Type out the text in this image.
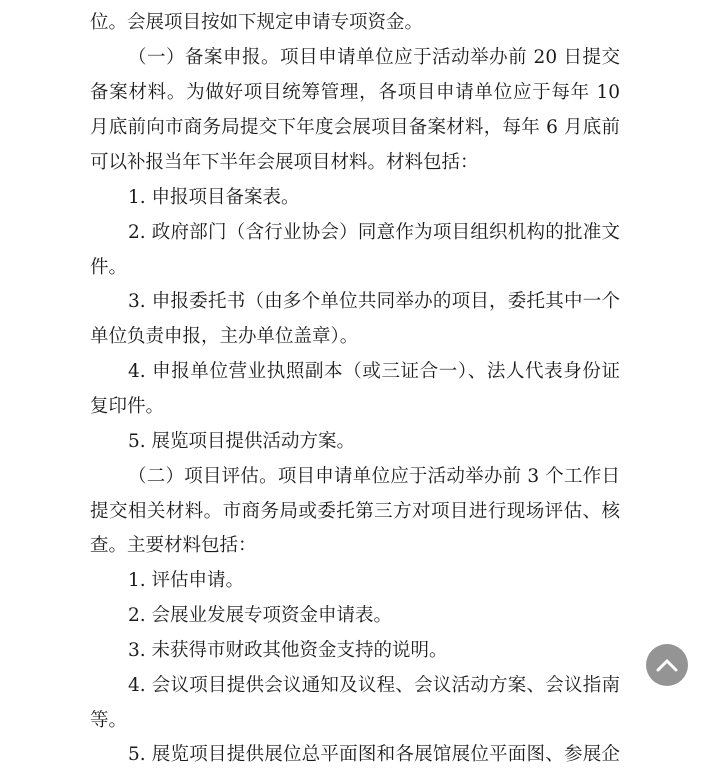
位。会展项目按如下规定申请专项资金。
（一）备案申报。项目申请单位应于活动举办前 20 日提交
备案材料。为做好项目统筹管理，各项目申请单位应于每年 10
月底前向市商务局提交下年度会展项目备案材料，每年 6 月底前
可以补报当年下半年会展项目材料。材料包括：
1. 申报项目备案表。
2. 政府部门（含行业协会）同意作为项目组织机构的批准文
件。
3. 申报委托书（由多个单位共同举办的项目，委托其中一个
单位负责申报，主办单位盖章）。
4. 申报单位营业执照副本（或三证合一）、法人代表身份证
复印件。
5. 展览项目提供活动方案。
（二）项目评估。项目申请单位应于活动举办前 3 个工作日
提交相关材料。市商务局或委托第三方对项目进行现场评估、核
查。主要材料包括：
1. 评估申请。
2. 会展业发展专项资金申请表。
3. 未获得市财政其他资金支持的说明。
4. 会议项目提供会议通知及议程、会议活动方案、会议指南
等。
5. 展览项目提供展位总平面图和各展馆展位平面图、参展企
